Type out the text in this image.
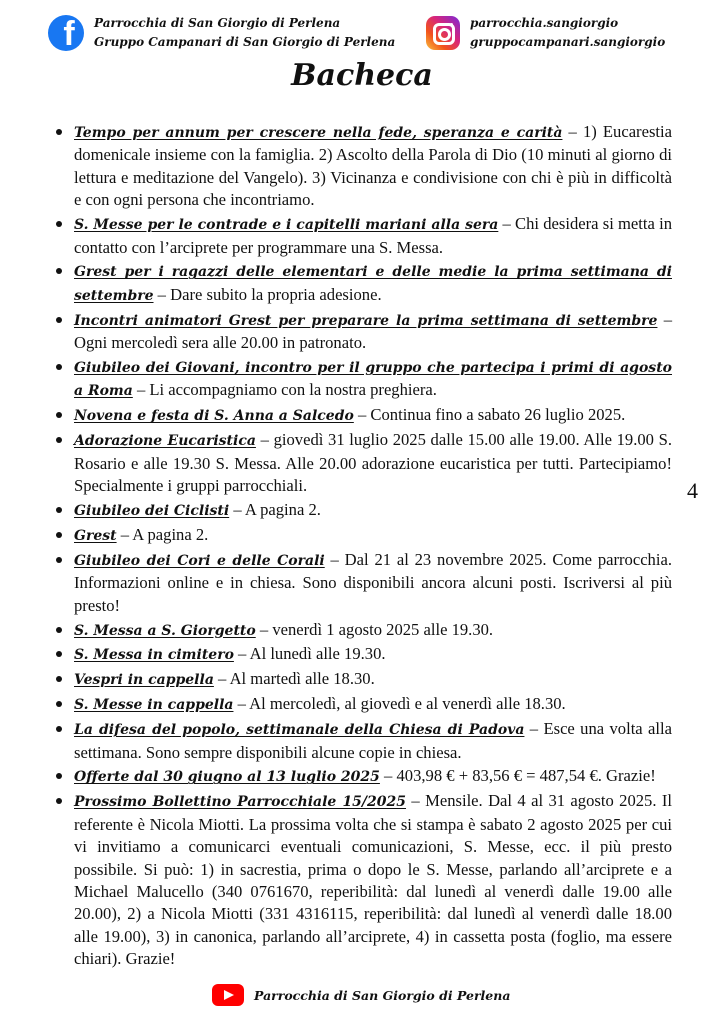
f Parrocchia di San Giorgio di Perlena
Gruppo Campanari di San Giorgio di Perlena
parrocchia.sangiorgio
gruppocampanari.sangiorgio
Bacheca
Tempo per annum per crescere nella fede, speranza e carità – 1) Eucarestia domenicale insieme con la famiglia. 2) Ascolto della Parola di Dio (10 minuti al giorno di lettura e meditazione del Vangelo). 3) Vicinanza e condivisione con chi è più in difficoltà e con ogni persona che incontriamo.
S. Messe per le contrade e i capitelli mariani alla sera – Chi desidera si metta in contatto con l’arciprete per programmare una S. Messa.
Grest per i ragazzi delle elementari e delle medie la prima settimana di settembre – Dare subito la propria adesione.
Incontri animatori Grest per preparare la prima settimana di settembre – Ogni mercoledì sera alle 20.00 in patronato.
Giubileo dei Giovani, incontro per il gruppo che partecipa i primi di agosto a Roma – Li accompagniamo con la nostra preghiera.
Novena e festa di S. Anna a Salcedo – Continua fino a sabato 26 luglio 2025.
Adorazione Eucaristica – giovedì 31 luglio 2025 dalle 15.00 alle 19.00. Alle 19.00 S. Rosario e alle 19.30 S. Messa. Alle 20.00 adorazione eucaristica per tutti. Partecipiamo! Specialmente i gruppi parrocchiali.
Giubileo dei Ciclisti – A pagina 2.
Grest – A pagina 2.
Giubileo dei Cori e delle Corali – Dal 21 al 23 novembre 2025. Come parrocchia. Informazioni online e in chiesa. Sono disponibili ancora alcuni posti. Iscriversi al più presto!
S. Messa a S. Giorgetto – venerdì 1 agosto 2025 alle 19.30.
S. Messa in cimitero – Al lunedì alle 19.30.
Vespri in cappella – Al martedì alle 18.30.
S. Messe in cappella – Al mercoledì, al giovedì e al venerdì alle 18.30.
La difesa del popolo, settimanale della Chiesa di Padova – Esce una volta alla settimana. Sono sempre disponibili alcune copie in chiesa.
Offerte dal 30 giugno al 13 luglio 2025 – 403,98 € + 83,56 € = 487,54 €. Grazie!
Prossimo Bollettino Parrocchiale 15/2025 – Mensile. Dal 4 al 31 agosto 2025. Il referente è Nicola Miotti. La prossima volta che si stampa è sabato 2 agosto 2025 per cui vi invitiamo a comunicarci eventuali comunicazioni, S. Messe, ecc. il più presto possibile. Si può: 1) in sacrestia, prima o dopo le S. Messe, parlando all’arciprete e a Michael Malucello (340 0761670, reperibilità: dal lunedì al venerdì dalle 19.00 alle 20.00), 2) a Nicola Miotti (331 4316115, reperibilità: dal lunedì al venerdì dalle 18.00 alle 19.00), 3) in canonica, parlando all’arciprete, 4) in cassetta posta (foglio, ma essere chiari). Grazie!
4
Parrocchia di San Giorgio di Perlena
